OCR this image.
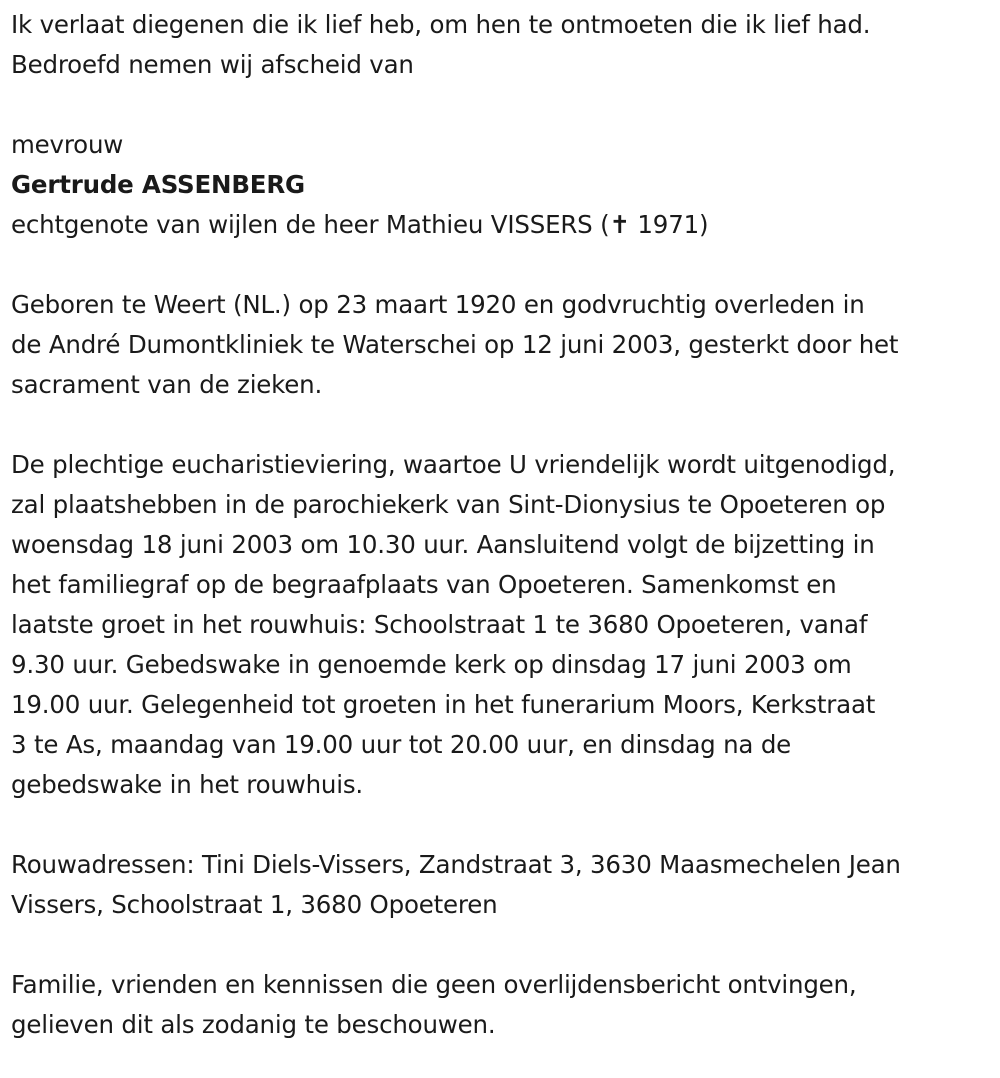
Ik verlaat diegenen die ik lief heb, om hen te ontmoeten die ik lief had.

Bedroefd nemen wij afscheid van

mevrouw

Gertrude ASSENBERG

echtgenote van wijlen de heer Mathieu VISSERS (✝ 1971)

Geboren te Weert (NL.) op 23 maart 1920 en godvruchtig overleden in

de André Dumontkliniek te Waterschei op 12 juni 2003, gesterkt door het

sacrament van de zieken.

De plechtige eucharistieviering, waartoe U vriendelijk wordt uitgenodigd,

zal plaatshebben in de parochiekerk van Sint-Dionysius te Opoeteren op

woensdag 18 juni 2003 om 10.30 uur. Aansluitend volgt de bijzetting in

het familiegraf op de begraafplaats van Opoeteren. Samenkomst en

laatste groet in het rouwhuis: Schoolstraat 1 te 3680 Opoeteren, vanaf

9.30 uur. Gebedswake in genoemde kerk op dinsdag 17 juni 2003 om

19.00 uur. Gelegenheid tot groeten in het funerarium Moors, Kerkstraat

3 te As, maandag van 19.00 uur tot 20.00 uur, en dinsdag na de

gebedswake in het rouwhuis.

Rouwadressen: Tini Diels-Vissers, Zandstraat 3, 3630 Maasmechelen Jean

Vissers, Schoolstraat 1, 3680 Opoeteren

Familie, vrienden en kennissen die geen overlijdensbericht ontvingen,

gelieven dit als zodanig te beschouwen.
